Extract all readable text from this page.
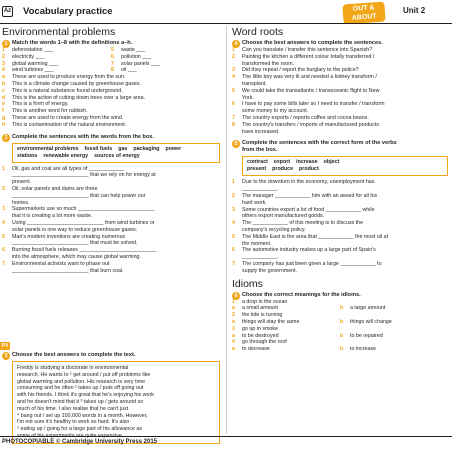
Az Vocabulary practice	OUT &
ABOUT
Unit 2
Environmental problems
1 Match the words 1–8 with the definitions a–h.
1 deforestation ___	5 waste ___
2 electricity ___	6 pollution ___
3 global warming ___	7 solar panels ___
4 wind turbines ___	8 oil ___
a These are used to produce energy from the sun.
b This is a climate change caused by greenhouse gases.
c This is a natural substance found underground.
d This is the action of cutting down trees over a large area.
e This is a form of energy.
f This is another word for rubbish.
g These are used to create energy from the wind.
h This is contamination of the natural environment.
2 Complete the sentences with the words from the box.
environmental problems fossil fuels gas packaging power stations renewable energy sources of energy
1 Oil, gas and coal are all types of ____________
__________________________ that we rely on for energy at
present.
2 Oil, solar panels and dams are three
__________________________ that can help power our
homes.
3 Supermarkets use so much __________________________
that it is creating a lot more waste.
4 Using __________________________ from wind turbines or
solar panels is one way to reduce greenhouse gases.
5 Man's modern inventions are creating numerous
__________________________ that must be solved.
6 Burning fossil fuels releases __________________________
into the atmosphere, which may cause global warming.
7 Environmental activists want to phase out
__________________________ that burn coal.
PV
3 Choose the best answers to complete the text.
Freddy is studying a doctorate in environmental
research. He wants to ¹ get around / put off problems like
global warming and pollution. His research is very time
consuming and he often ² takes up / puts off going out
with his friends. I think it's great that he's enjoying his work
and he doesn't mind that it ³ takes up / gets around so
much of his time. I also realise that he can't just
⁴ bang out / set up 100,000 words in a month. However,
I'm not sure it's healthy to work so hard. It's also
⁵ eating up / going for a large part of his allowance as
Word roots
4 Choose the best answers to complete the sentences.
1 Can you translate / transfer this sentence into Spanish?
2 Painting the kitchen a different colour totally transferred /
transformed the room.
3 Did they repeat / report the burglary to the police?
4 The little boy was very ill and needed a kidney transform /
transplant.
5 We could take the transatlantic / transoceanic flight to New
York.
6 I have to pay some bills later so I need to transfer / transform
some money to my account.
7 The country exports / reports coffee and cocoa beans.
8 The country's transfers / imports of manufactured products
have increased.
5 Complete the sentences with the correct form of the verbs
from the box.
contract export increase object
present produce product
1 Due to the downturn in the economy, unemployment has
____________.
2 The manager ____________ him with an award for all his
hard work.
3 Some countries export a lot of food ____________ while
others export manufactured goods.
4 The ____________ of this meeting is to discuss the
company's recycling policy.
5 The Middle East is the area that ____________ the most oil at
the moment.
6 The automotive industry makes up a large part of Spain's
____________.
7 The company has just been given a large ____________ to
supply the government.
Idioms
6 Choose the correct meanings for the idioms.
1 a drop in the ocean
a a small amount	b a large amount
2 the tide is turning
a things will stay the same	b things will change
3 go up in smoke
a to be destroyed	b to be repaired
4 go through the roof
a to decrease	b to increase
PHOTOCOPIABLE © Cambridge University Press 2015
